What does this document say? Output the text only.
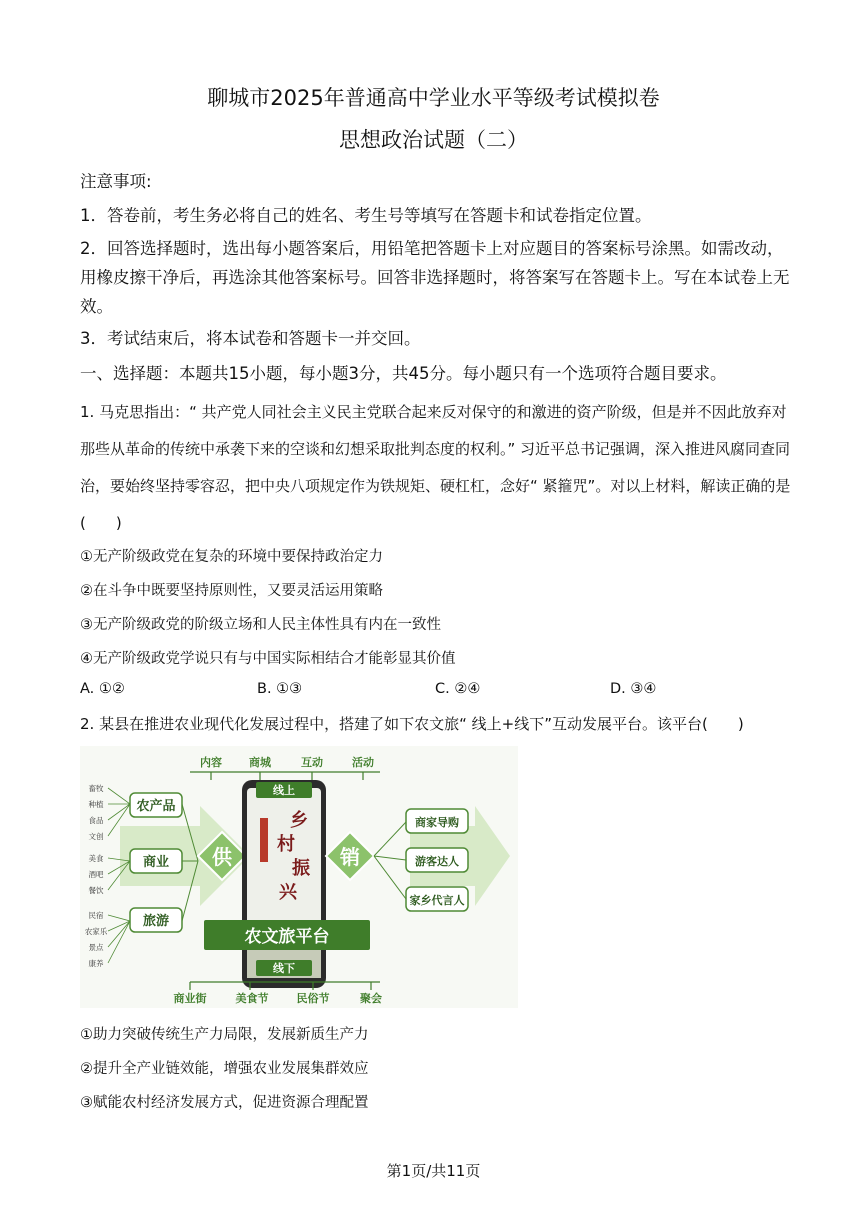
聊城市2025年普通高中学业水平等级考试模拟卷
思想政治试题（二）
注意事项:
1．答卷前，考生务必将自己的姓名、考生号等填写在答题卡和试卷指定位置。
2．回答选择题时，选出每小题答案后，用铅笔把答题卡上对应题目的答案标号涂黑。如需改动，用橡皮擦干净后，再选涂其他答案标号。回答非选择题时，将答案写在答题卡上。写在本试卷上无效。
3．考试结束后，将本试卷和答题卡一并交回。
一、选择题：本题共15小题，每小题3分，共45分。每小题只有一个选项符合题目要求。
1. 马克思指出：“ 共产党人同社会主义民主党联合起来反对保守的和激进的资产阶级，但是并不因此放弃对那些从革命的传统中承袭下来的空谈和幻想采取批判态度的权利。” 习近平总书记强调，深入推进风腐同查同治，要始终坚持零容忍，把中央八项规定作为铁规矩、硬杠杠，念好“ 紧箍咒”。对以上材料，解读正确的是(　　)
①无产阶级政党在复杂的环境中要保持政治定力
②在斗争中既要坚持原则性，又要灵活运用策略
③无产阶级政党的阶级立场和人民主体性具有内在一致性
④无产阶级政党学说只有与中国实际相结合才能彰显其价值
A. ①②	B. ①③	C. ②④	D. ③④
2. 某县在推进农业现代化发展过程中，搭建了如下农文旅“ 线上+线下”互动发展平台。该平台(　　)
内容 商城	互动	活动
畜牧
种植
食品
文创
美食
酒吧
餐饮
民宿
农家乐
景点
康养
农产品
商业
旅游
供
线上
乡
村
振
兴
农文旅平台
线下
商业街	美食节	民俗节	聚会
销
商家导购
游客达人
家乡代言人
①助力突破传统生产力局限，发展新质生产力
②提升全产业链效能，增强农业发展集群效应
③赋能农村经济发展方式，促进资源合理配置
第1页/共11页
